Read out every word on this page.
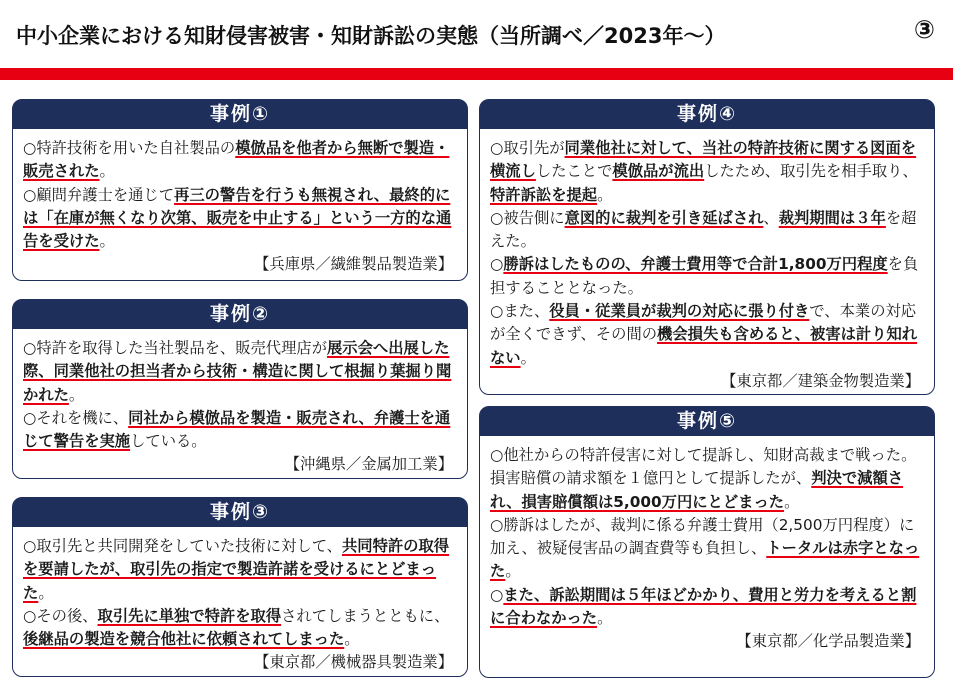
中小企業における知財侵害被害・知財訴訟の実態（当所調べ／2023年〜）	③
事例①

○特許技術を用いた自社製品の模倣品を他者から無断で製造・販売された。

○顧問弁護士を通じて再三の警告を行うも無視され、最終的には「在庫が無くなり次第、販売を中止する」という一方的な通告を受けた。

【兵庫県／繊維製品製造業】
事例②

○特許を取得した当社製品を、販売代理店が展示会へ出展した際、同業他社の担当者から技術・構造に関して根掘り葉掘り聞かれた。

○それを機に、同社から模倣品を製造・販売され、弁護士を通じて警告を実施している。

【沖縄県／金属加工業】
事例③

○取引先と共同開発をしていた技術に対して、共同特許の取得を要請したが、取引先の指定で製造許諾を受けるにとどまった。

○その後、取引先に単独で特許を取得されてしまうとともに、後継品の製造を競合他社に依頼されてしまった。

【東京都／機械器具製造業】
事例④

○取引先が同業他社に対して、当社の特許技術に関する図面を横流ししたことで模倣品が流出したため、取引先を相手取り、特許訴訟を提起。

○被告側に意図的に裁判を引き延ばされ、裁判期間は３年を超えた。

○勝訴はしたものの、弁護士費用等で合計1,800万円程度を負担することとなった。

○また、役員・従業員が裁判の対応に張り付きで、本業の対応が全くできず、その間の機会損失も含めると、被害は計り知れない。

【東京都／建築金物製造業】
事例⑤

○他社からの特許侵害に対して提訴し、知財高裁まで戦った。損害賠償の請求額を１億円として提訴したが、判決で減額され、損害賠償額は5,000万円にとどまった。

○勝訴はしたが、裁判に係る弁護士費用（2,500万円程度）に加え、被疑侵害品の調査費等も負担し、トータルは赤字となった。

○また、訴訟期間は５年ほどかかり、費用と労力を考えると割に合わなかった。

【東京都／化学品製造業】
